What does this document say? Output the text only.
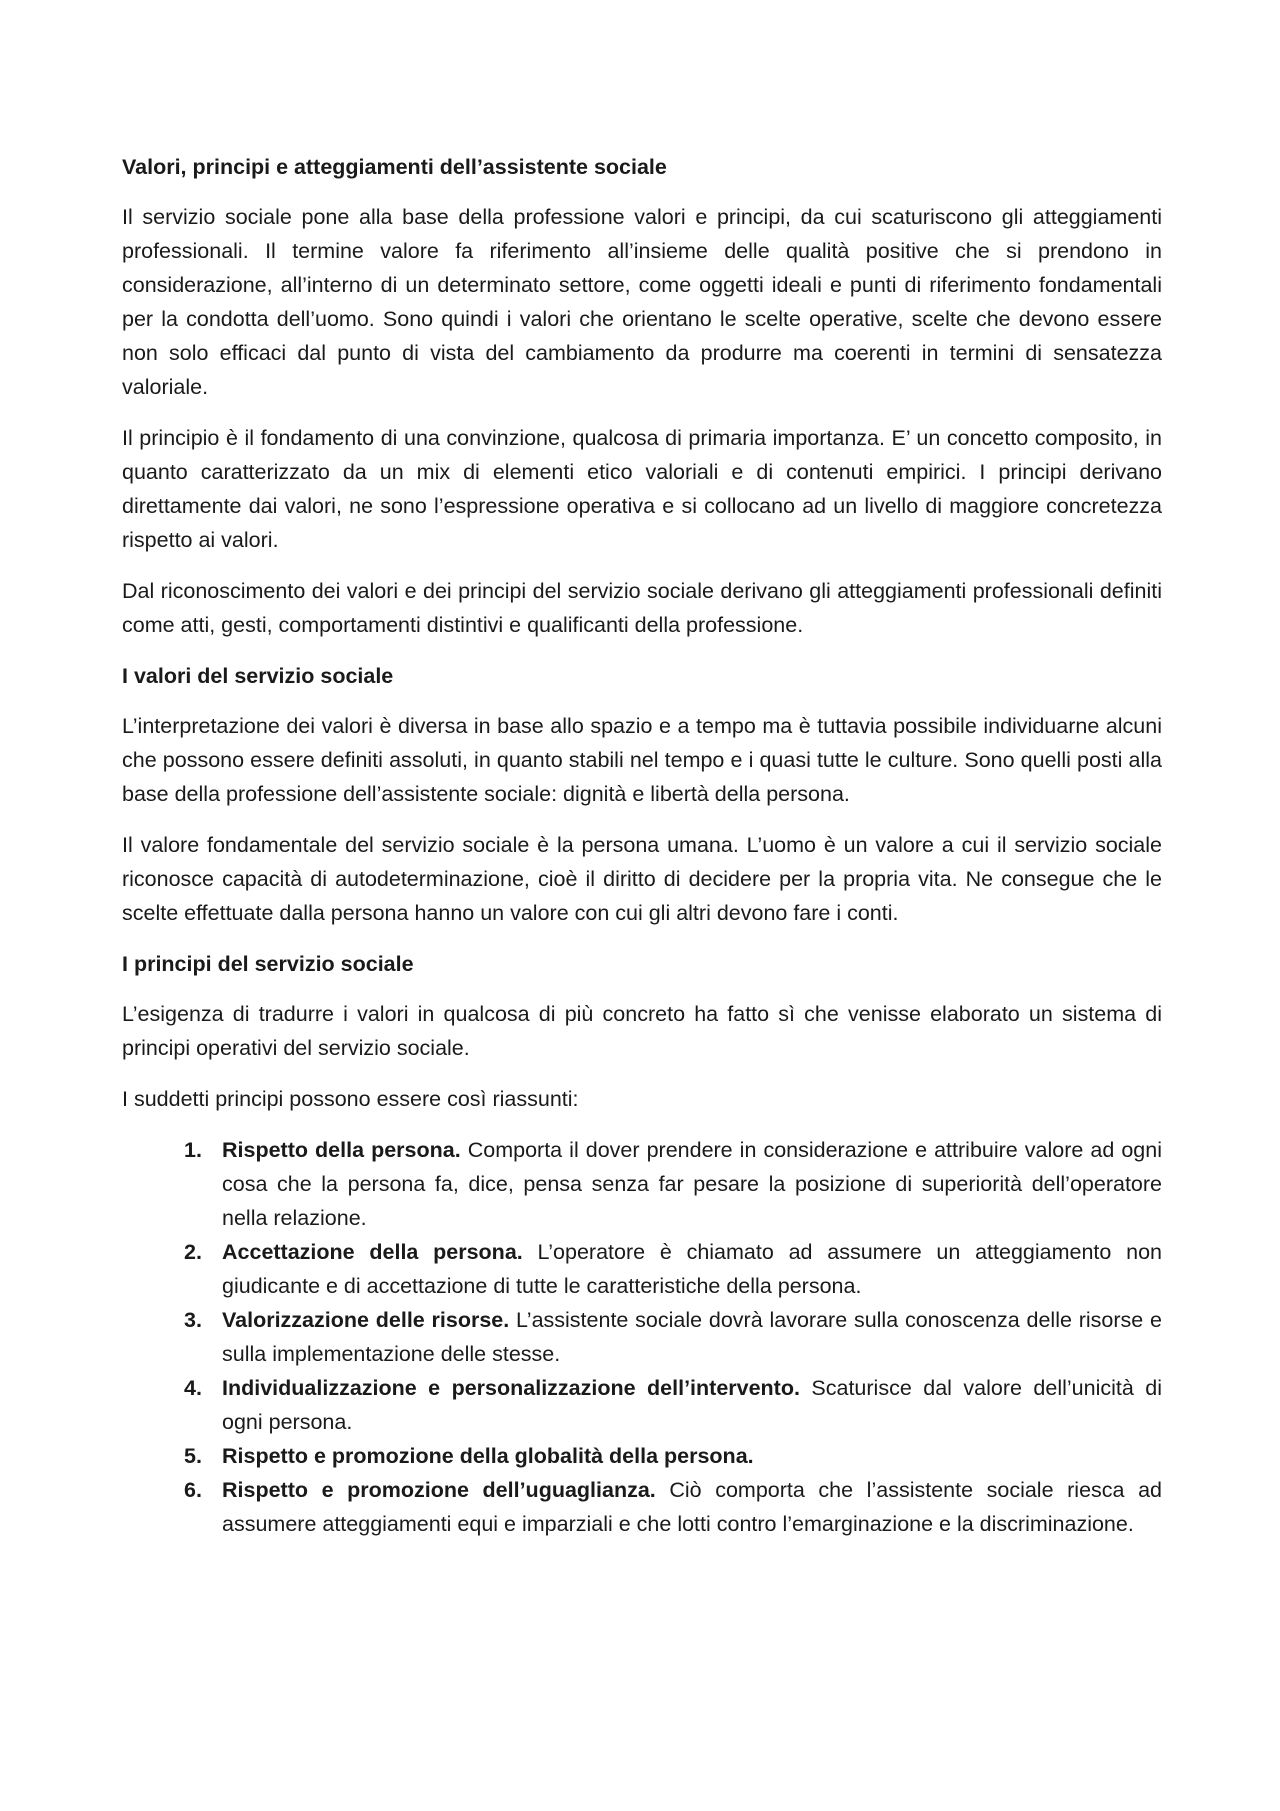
Valori, principi e atteggiamenti dell’assistente sociale

Il servizio sociale pone alla base della professione valori e principi, da cui scaturiscono gli atteggiamenti professionali. Il termine valore fa riferimento all’insieme delle qualità positive che si prendono in considerazione, all’interno di un determinato settore, come oggetti ideali e punti di riferimento fondamentali per la condotta dell’uomo. Sono quindi i valori che orientano le scelte operative, scelte che devono essere non solo efficaci dal punto di vista del cambiamento da produrre ma coerenti in termini di sensatezza valoriale.

Il principio è il fondamento di una convinzione, qualcosa di primaria importanza. E’ un concetto composito, in quanto caratterizzato da un mix di elementi etico valoriali e di contenuti empirici. I principi derivano direttamente dai valori, ne sono l’espressione operativa e si collocano ad un livello di maggiore concretezza rispetto ai valori.

Dal riconoscimento dei valori e dei principi del servizio sociale derivano gli atteggiamenti professionali definiti come atti, gesti, comportamenti distintivi e qualificanti della professione.

I valori del servizio sociale

L’interpretazione dei valori è diversa in base allo spazio e a tempo ma è tuttavia possibile individuarne alcuni che possono essere definiti assoluti, in quanto stabili nel tempo e i quasi tutte le culture. Sono quelli posti alla base della professione dell’assistente sociale: dignità e libertà della persona.

Il valore fondamentale del servizio sociale è la persona umana. L’uomo è un valore a cui il servizio sociale riconosce capacità di autodeterminazione, cioè il diritto di decidere per la propria vita. Ne consegue che le scelte effettuate dalla persona hanno un valore con cui gli altri devono fare i conti.

I principi del servizio sociale

L’esigenza di tradurre i valori in qualcosa di più concreto ha fatto sì che venisse elaborato un sistema di principi operativi del servizio sociale.

I suddetti principi possono essere così riassunti:

1. Rispetto della persona. Comporta il dover prendere in considerazione e attribuire valore ad ogni cosa che la persona fa, dice, pensa senza far pesare la posizione di superiorità dell’operatore nella relazione.
2. Accettazione della persona. L’operatore è chiamato ad assumere un atteggiamento non giudicante e di accettazione di tutte le caratteristiche della persona.
3. Valorizzazione delle risorse. L’assistente sociale dovrà lavorare sulla conoscenza delle risorse e sulla implementazione delle stesse.
4. Individualizzazione e personalizzazione dell’intervento. Scaturisce dal valore dell’unicità di ogni persona.
5. Rispetto e promozione della globalità della persona.
6. Rispetto e promozione dell’uguaglianza. Ciò comporta che l’assistente sociale riesca ad assumere atteggiamenti equi e imparziali e che lotti contro l’emarginazione e la discriminazione.
